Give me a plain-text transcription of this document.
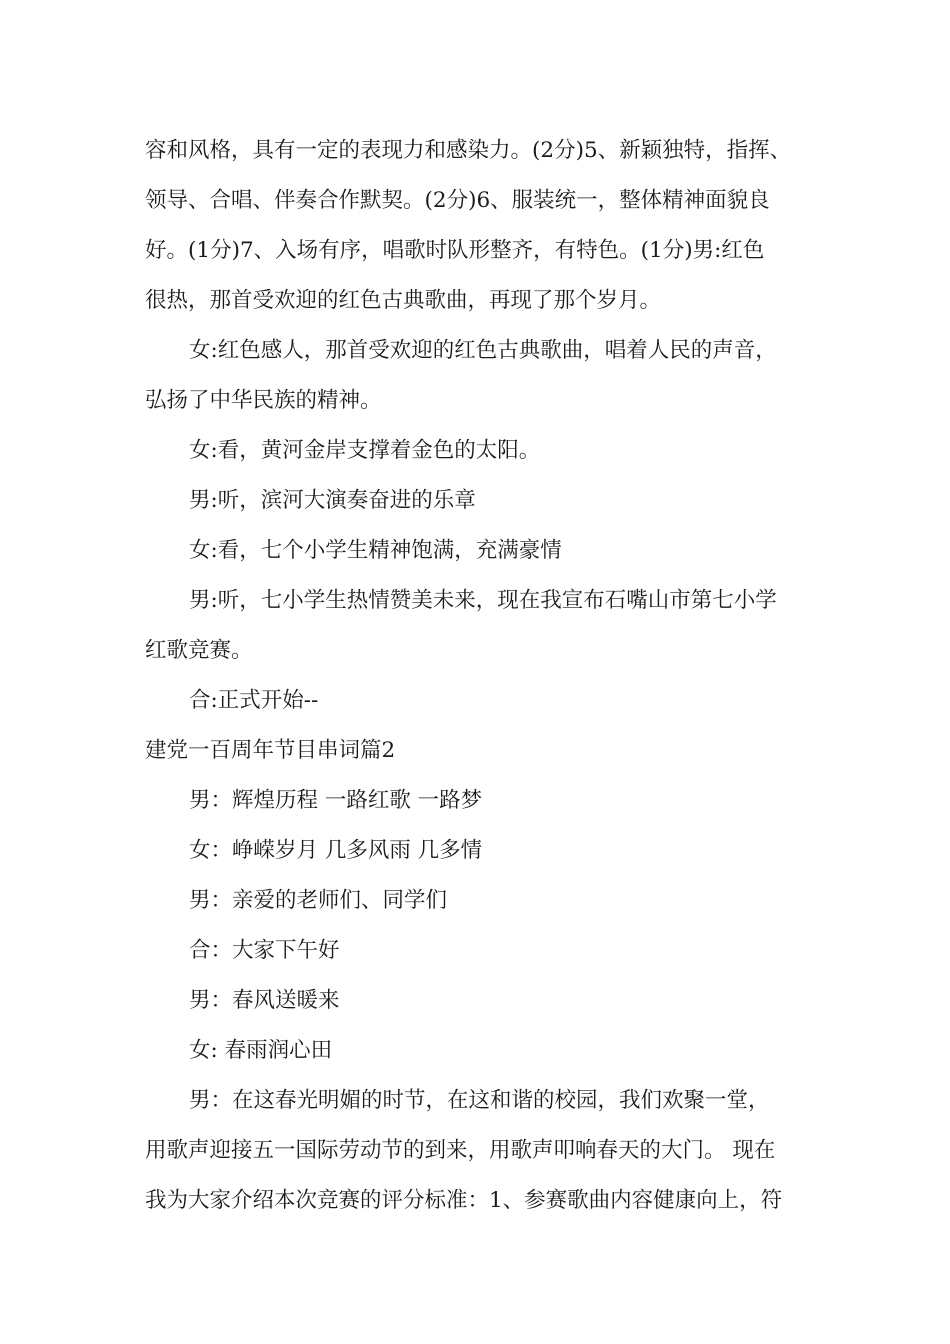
容和风格，具有一定的表现力和感染力。(2分)5、新颖独特，指挥、
领导、合唱、伴奏合作默契。(2分)6、服装统一，整体精神面貌良
好。(1分)7、入场有序，唱歌时队形整齐，有特色。(1分)男:红色
很热，那首受欢迎的红色古典歌曲，再现了那个岁月。
女:红色感人，那首受欢迎的红色古典歌曲，唱着人民的声音，
弘扬了中华民族的精神。
女:看，黄河金岸支撑着金色的太阳。
男:听，滨河大演奏奋进的乐章
女:看，七个小学生精神饱满，充满豪情
男:听，七小学生热情赞美未来，现在我宣布石嘴山市第七小学
红歌竞赛。
合:正式开始--
建党一百周年节目串词篇2
男：辉煌历程 一路红歌 一路梦
女：峥嵘岁月 几多风雨 几多情
男：亲爱的老师们、同学们
合：大家下午好
男：春风送暖来
女: 春雨润心田
男：在这春光明媚的时节，在这和谐的校园，我们欢聚一堂，
用歌声迎接五一国际劳动节的到来，用歌声叩响春天的大门。 现在
我为大家介绍本次竞赛的评分标准：1、参赛歌曲内容健康向上，符
